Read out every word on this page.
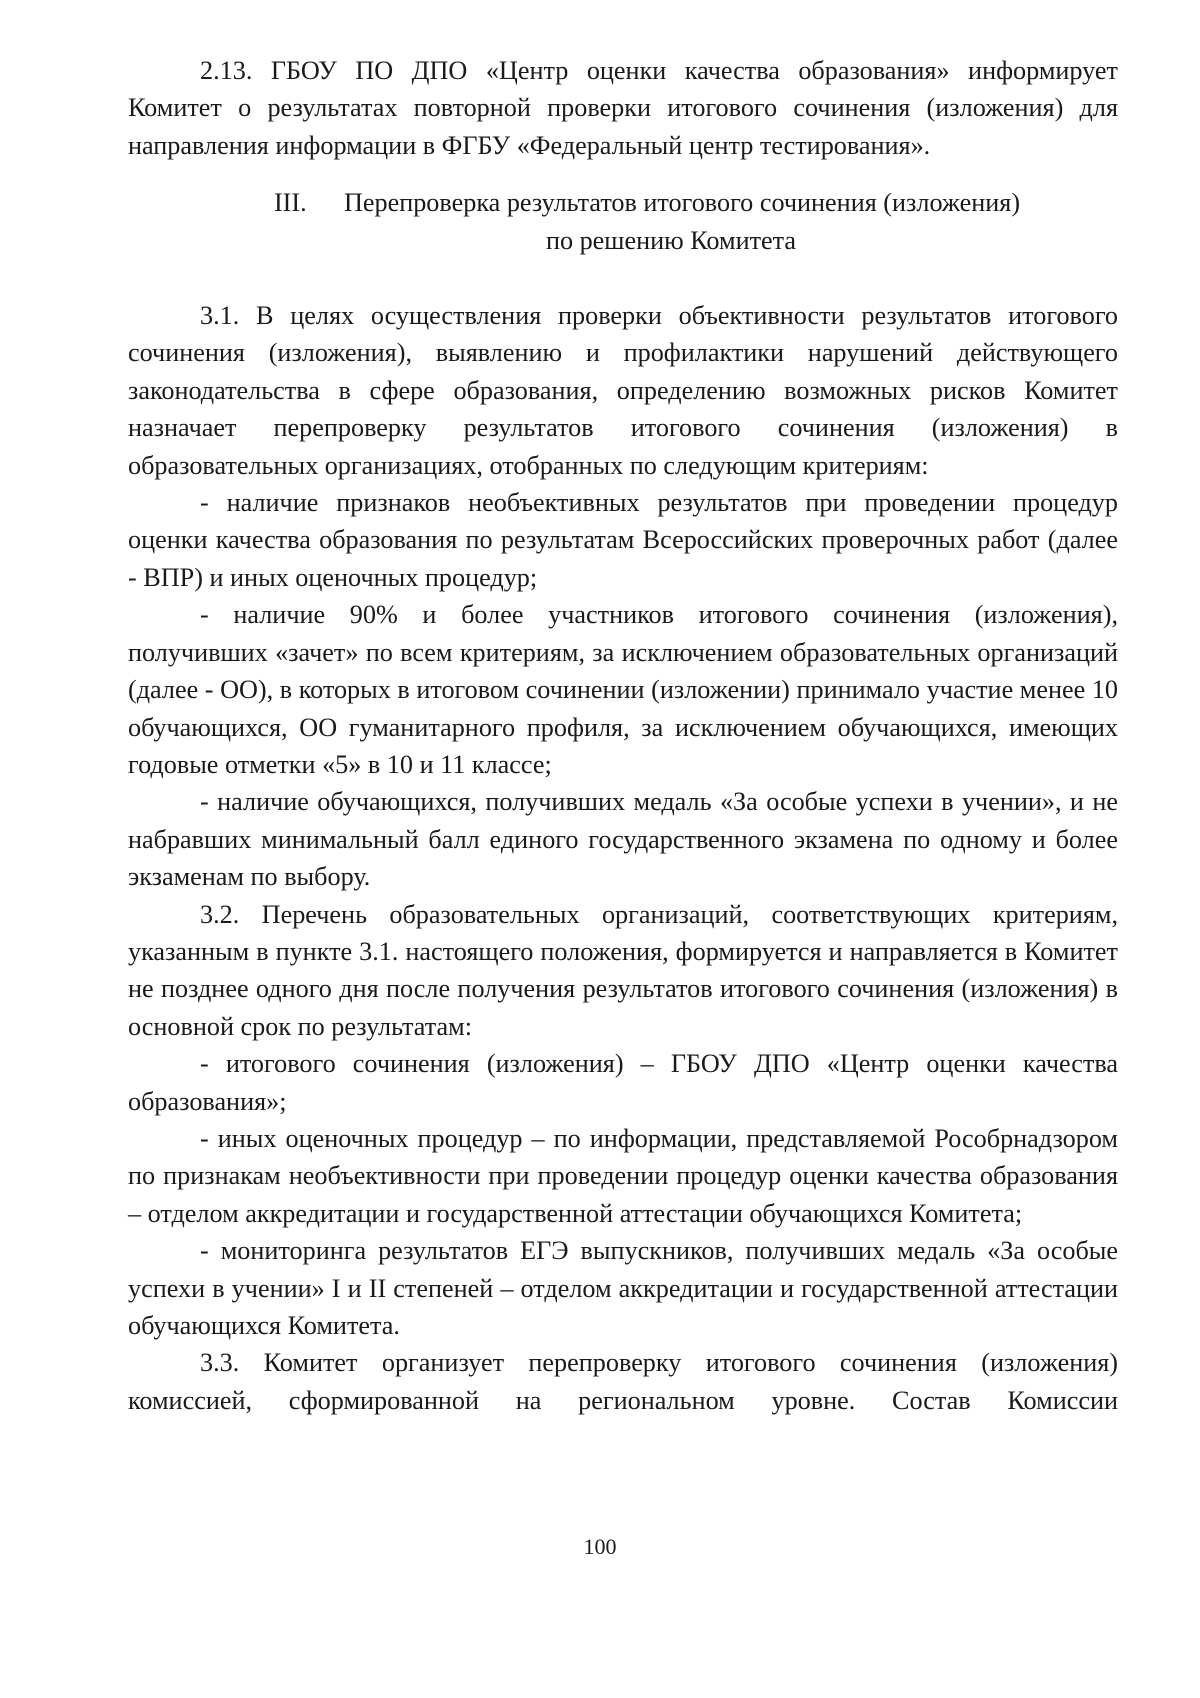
2.13. ГБОУ ПО ДПО «Центр оценки качества образования» информирует Комитет о результатах повторной проверки итогового сочинения (изложения) для направления информации в ФГБУ «Федеральный центр тестирования».

III. Перепроверка результатов итогового сочинения (изложения)
по решению Комитета

3.1. В целях осуществления проверки объективности результатов итогового сочинения (изложения), выявлению и профилактики нарушений действующего законодательства в сфере образования, определению возможных рисков Комитет назначает перепроверку результатов итогового сочинения (изложения) в образовательных организациях, отобранных по следующим критериям:

- наличие признаков необъективных результатов при проведении процедур оценки качества образования по результатам Всероссийских проверочных работ (далее - ВПР) и иных оценочных процедур;

- наличие 90% и более участников итогового сочинения (изложения), получивших «зачет» по всем критериям, за исключением образовательных организаций (далее - ОО), в которых в итоговом сочинении (изложении) принимало участие менее 10 обучающихся, ОО гуманитарного профиля, за исключением обучающихся, имеющих годовые отметки «5» в 10 и 11 классе;

- наличие обучающихся, получивших медаль «За особые успехи в учении», и не набравших минимальный балл единого государственного экзамена по одному и более экзаменам по выбору.

3.2. Перечень образовательных организаций, соответствующих критериям, указанным в пункте 3.1. настоящего положения, формируется и направляется в Комитет не позднее одного дня после получения результатов итогового сочинения (изложения) в основной срок по результатам:

- итогового сочинения (изложения) – ГБОУ ДПО «Центр оценки качества образования»;

- иных оценочных процедур – по информации, представляемой Рособрнадзором по признакам необъективности при проведении процедур оценки качества образования – отделом аккредитации и государственной аттестации обучающихся Комитета;

- мониторинга результатов ЕГЭ выпускников, получивших медаль «За особые успехи в учении» I и II степеней – отделом аккредитации и государственной аттестации обучающихся Комитета.

3.3. Комитет организует перепроверку итогового сочинения (изложения) комиссией, сформированной на региональном уровне. Состав Комиссии

100
